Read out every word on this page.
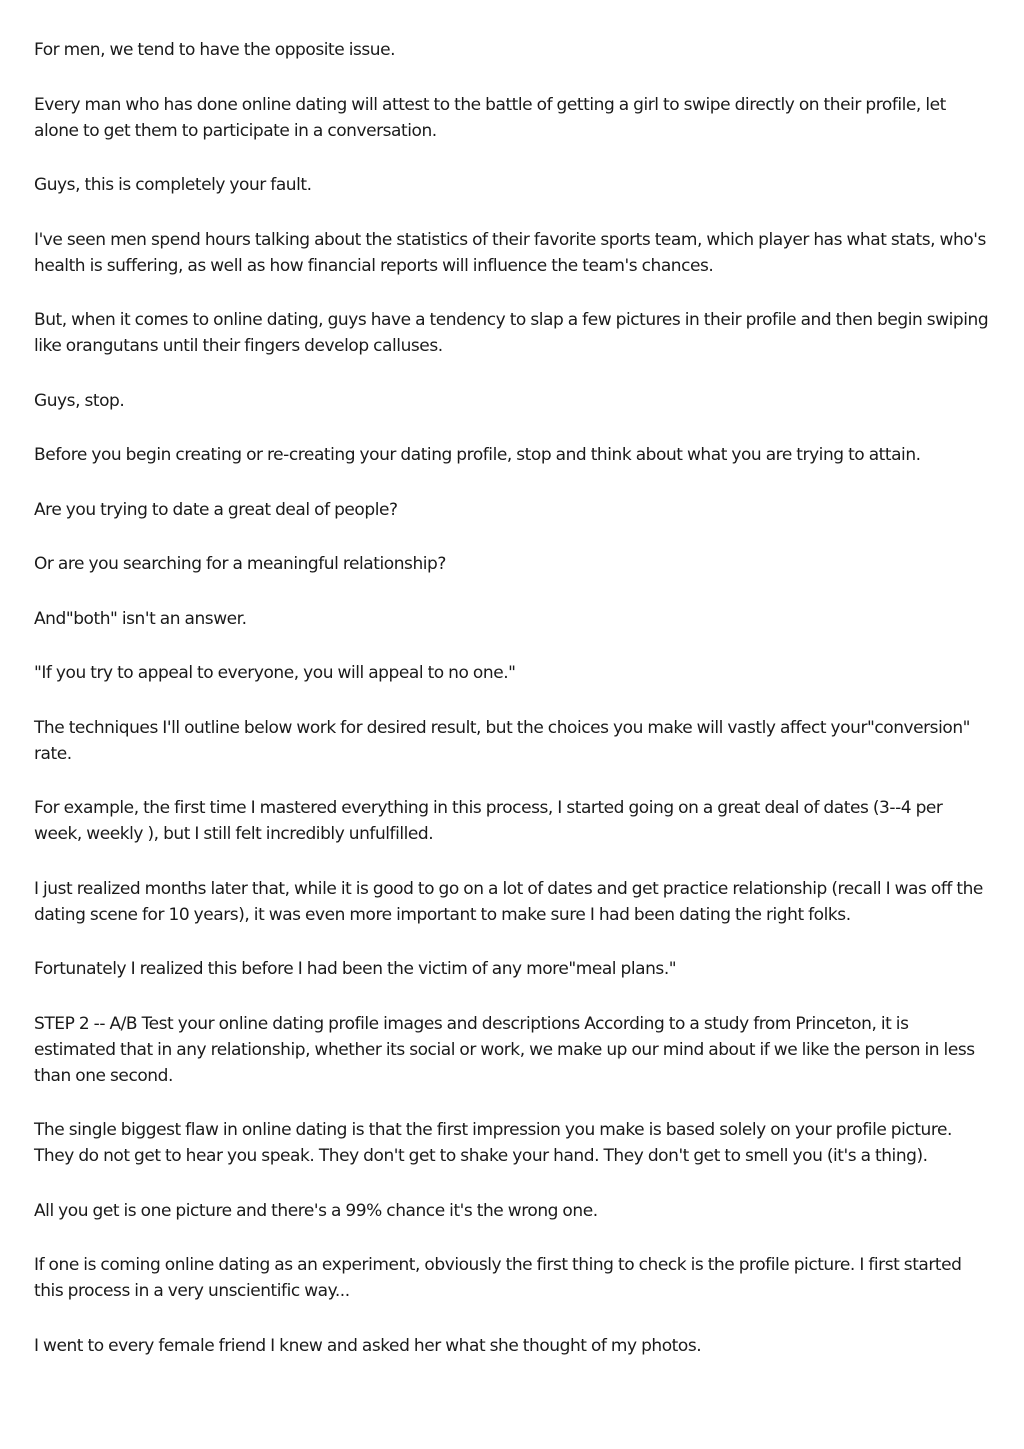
For men, we tend to have the opposite issue.

Every man who has done online dating will attest to the battle of getting a girl to swipe directly on their profile, let alone to get them to participate in a conversation.

Guys, this is completely your fault.

I've seen men spend hours talking about the statistics of their favorite sports team, which player has what stats, who's health is suffering, as well as how financial reports will influence the team's chances.

But, when it comes to online dating, guys have a tendency to slap a few pictures in their profile and then begin swiping like orangutans until their fingers develop calluses.

Guys, stop.

Before you begin creating or re-creating your dating profile, stop and think about what you are trying to attain.

Are you trying to date a great deal of people?

Or are you searching for a meaningful relationship?

And"both" isn't an answer.

"If you try to appeal to everyone, you will appeal to no one."

The techniques I'll outline below work for desired result, but the choices you make will vastly affect your"conversion" rate.

For example, the first time I mastered everything in this process, I started going on a great deal of dates (3--4 per week, weekly ), but I still felt incredibly unfulfilled.

I just realized months later that, while it is good to go on a lot of dates and get practice relationship (recall I was off the dating scene for 10 years), it was even more important to make sure I had been dating the right folks.

Fortunately I realized this before I had been the victim of any more"meal plans."

STEP 2 -- A/B Test your online dating profile images and descriptions According to a study from Princeton, it is estimated that in any relationship, whether its social or work, we make up our mind about if we like the person in less than one second.

The single biggest flaw in online dating is that the first impression you make is based solely on your profile picture. They do not get to hear you speak. They don't get to shake your hand. They don't get to smell you (it's a thing).

All you get is one picture and there's a 99% chance it's the wrong one.

If one is coming online dating as an experiment, obviously the first thing to check is the profile picture. I first started this process in a very unscientific way...

I went to every female friend I knew and asked her what she thought of my photos.
